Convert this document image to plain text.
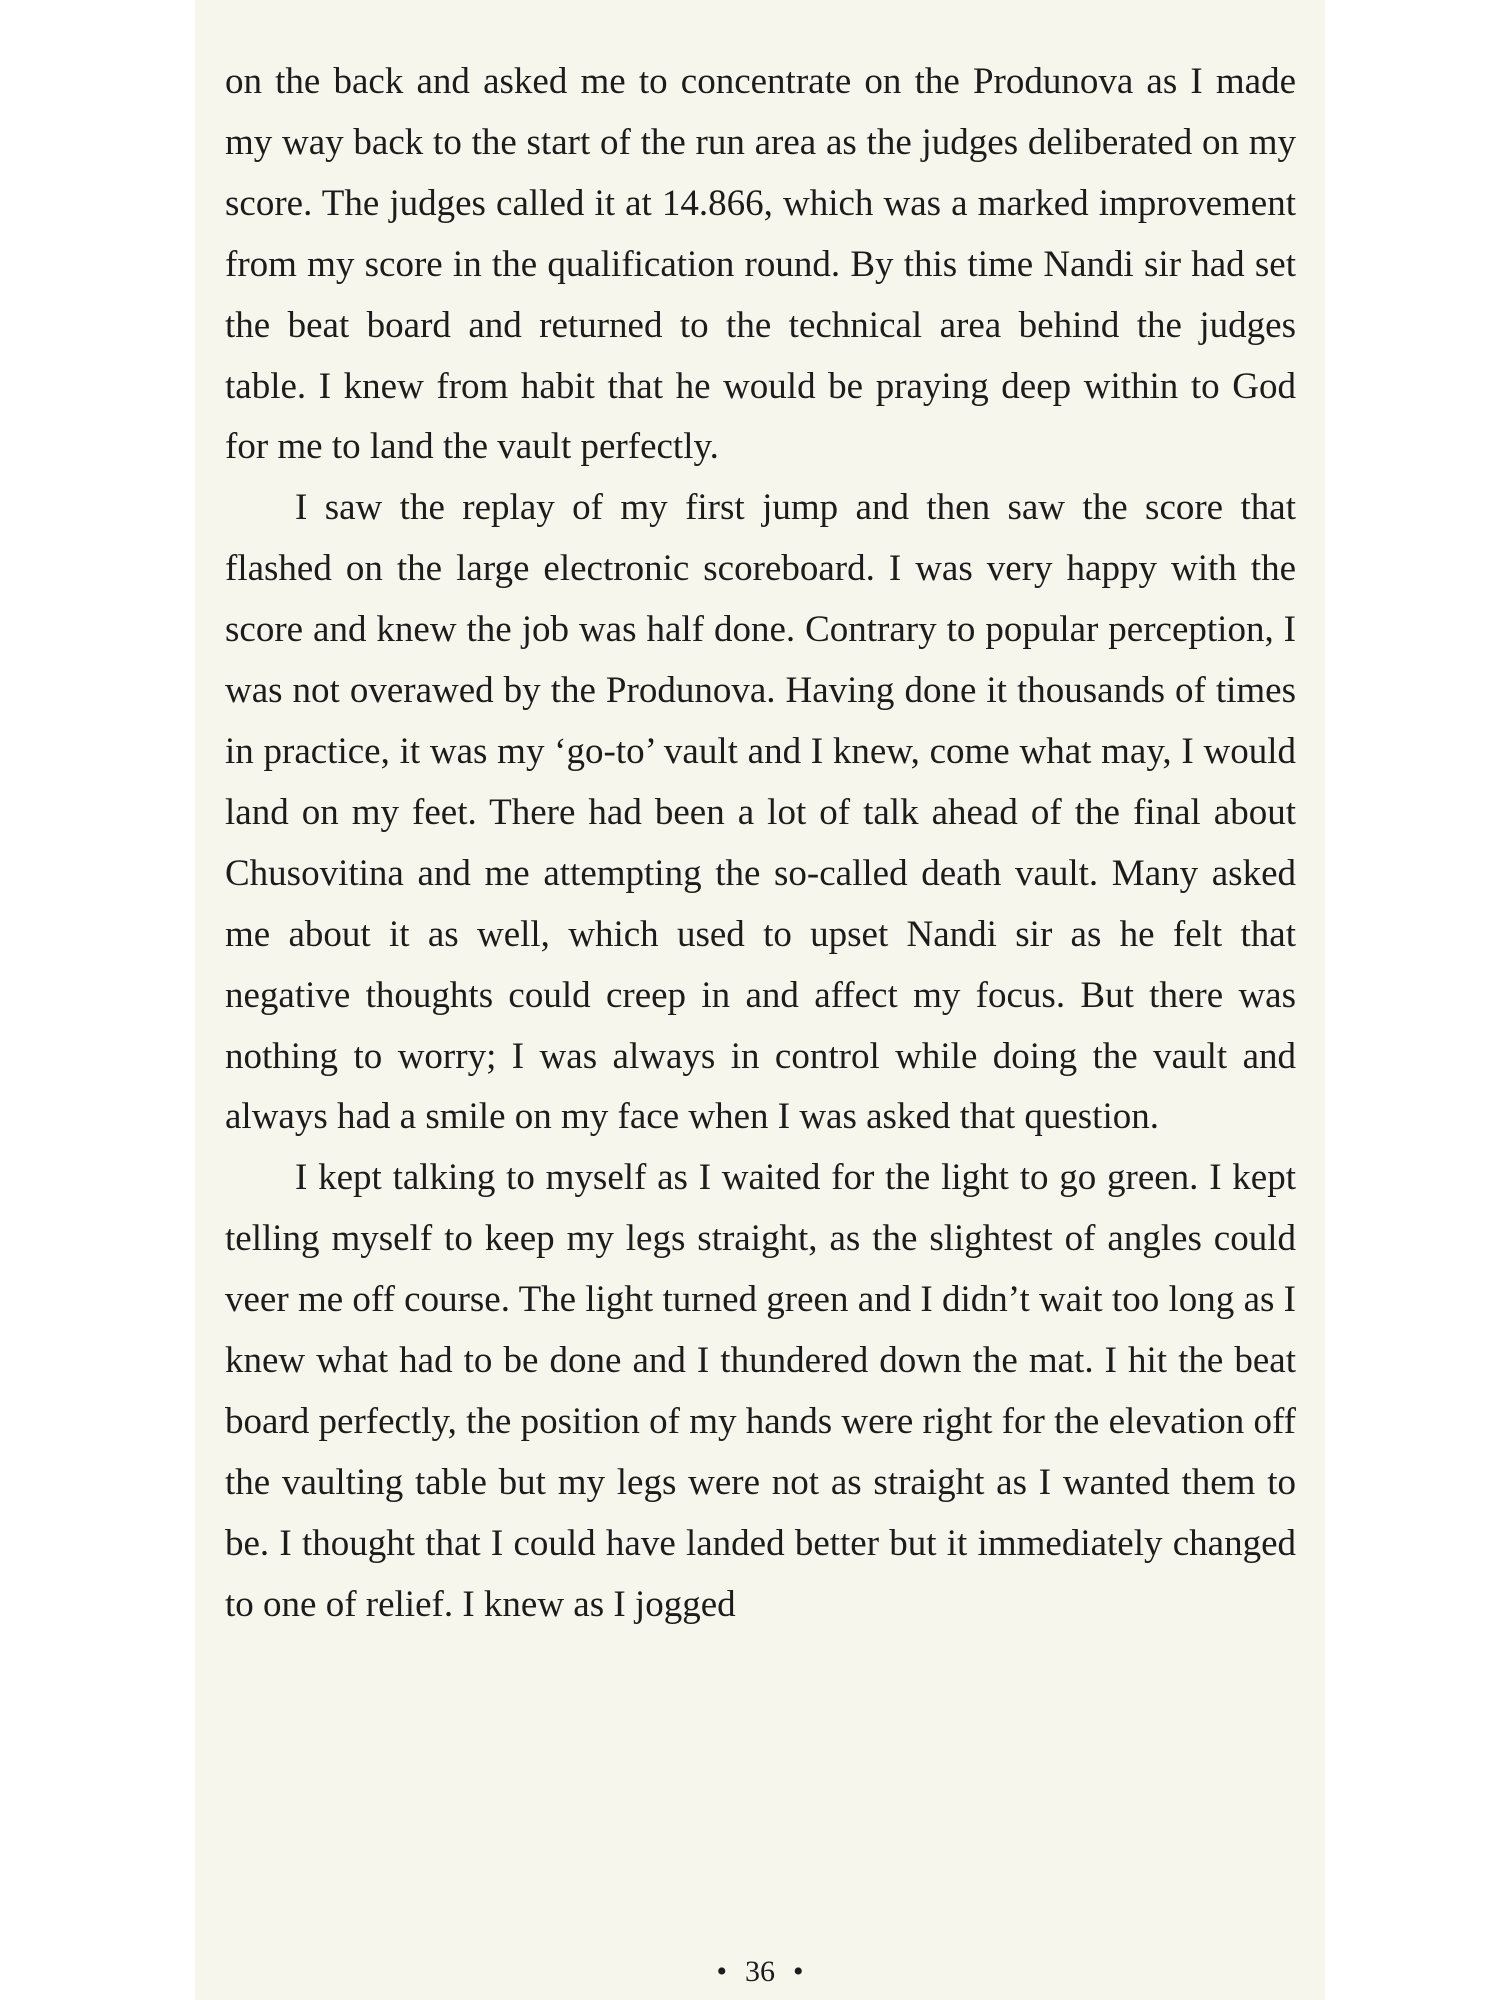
on the back and asked me to concentrate on the Produnova as I made my way back to the start of the run area as the judges deliberated on my score. The judges called it at 14.866, which was a marked improvement from my score in the qualification round. By this time Nandi sir had set the beat board and returned to the technical area behind the judges table. I knew from habit that he would be praying deep within to God for me to land the vault perfectly.

I saw the replay of my first jump and then saw the score that flashed on the large electronic scoreboard. I was very happy with the score and knew the job was half done. Contrary to popular perception, I was not overawed by the Produnova. Having done it thousands of times in practice, it was my ‘go-to’ vault and I knew, come what may, I would land on my feet. There had been a lot of talk ahead of the final about Chusovitina and me attempting the so-called death vault. Many asked me about it as well, which used to upset Nandi sir as he felt that negative thoughts could creep in and affect my focus. But there was nothing to worry; I was always in control while doing the vault and always had a smile on my face when I was asked that question.

I kept talking to myself as I waited for the light to go green. I kept telling myself to keep my legs straight, as the slightest of angles could veer me off course. The light turned green and I didn’t wait too long as I knew what had to be done and I thundered down the mat. I hit the beat board perfectly, the position of my hands were right for the elevation off the vaulting table but my legs were not as straight as I wanted them to be. I thought that I could have landed better but it immediately changed to one of relief. I knew as I jogged

• 36 •
